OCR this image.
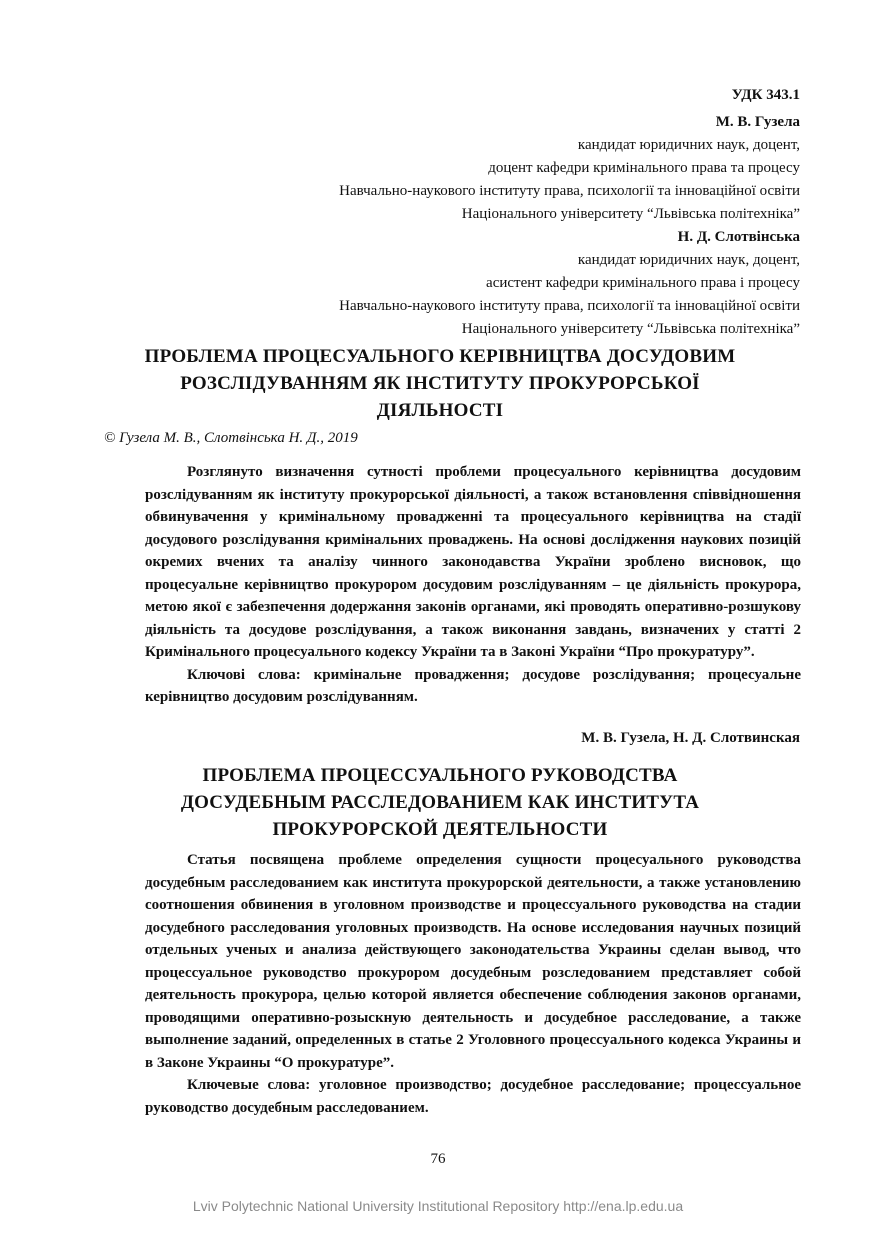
УДК 343.1
М. В. Гузела
кандидат юридичних наук, доцент,
доцент кафедри кримінального права та процесу
Навчально-наукового інституту права, психології та інноваційної освіти
Національного університету “Львівська політехніка”
Н. Д. Слотвінська
кандидат юридичних наук, доцент,
асистент кафедри кримінального права і процесу
Навчально-наукового інституту права, психології та інноваційної освіти
Національного університету “Львівська політехніка”
ПРОБЛЕМА ПРОЦЕСУАЛЬНОГО КЕРІВНИЦТВА ДОСУДОВИМ
РОЗСЛІДУВАННЯМ ЯК ІНСТИТУТУ ПРОКУРОРСЬКОЇ
ДІЯЛЬНОСТІ
© Гузела М. В., Слотвінська Н. Д., 2019

Розглянуто визначення сутності проблеми процесуального керівництва досудовим розслідуванням як інституту прокурорської діяльності, а також встановлення співвідношення обвинувачення у кримінальному провадженні та процесуального керівництва на стадії досудового розслідування кримінальних проваджень. На основі дослідження наукових позицій окремих вчених та аналізу чинного законодавства України зроблено висновок, що процесуальне керівництво прокурором досудовим розслідуванням – це діяльність прокурора, метою якої є забезпечення додержання законів органами, які проводять оперативно-розшукову діяльність та досудове розслідування, а також виконання завдань, визначених у статті 2 Кримінального процесуального кодексу України та в Законі України “Про прокуратуру”.

Ключові слова: кримінальне провадження; досудове розслідування; процесуальне керівництво досудовим розслідуванням.

М. В. Гузела, Н. Д. Слотвинская
ПРОБЛЕМА ПРОЦЕССУАЛЬНОГО РУКОВОДСТВА
ДОСУДЕБНЫМ РАССЛЕДОВАНИЕМ КАК ИНСТИТУТА
ПРОКУРОРСКОЙ ДЕЯТЕЛЬНОСТИ

Статья посвящена проблеме определения сущности процесуального руководства досудебным расследованием как института прокурорской деятельности, а также установлению соотношения обвинения в уголовном производстве и процессуального руководства на стадии досудебного расследования уголовных производств. На основе исследования научных позиций отдельных ученых и анализа действующего законодательства Украины сделан вывод, что процессуальное руководство прокурором досудебным розследованием представляет собой деятельность прокурора, целью которой является обеспечение соблюдения законов органами, проводящими оперативно-розыскную деятельность и досудебное расследование, а также выполнение заданий, определенных в статье 2 Уголовного процессуального кодекса Украины и в Законе Украины “О прокуратуре”.

Ключевые слова: уголовное производство; досудебное расследование; процессуальное руководство досудебным расследованием.

76
Lviv Polytechnic National University Institutional Repository http://ena.lp.edu.ua
